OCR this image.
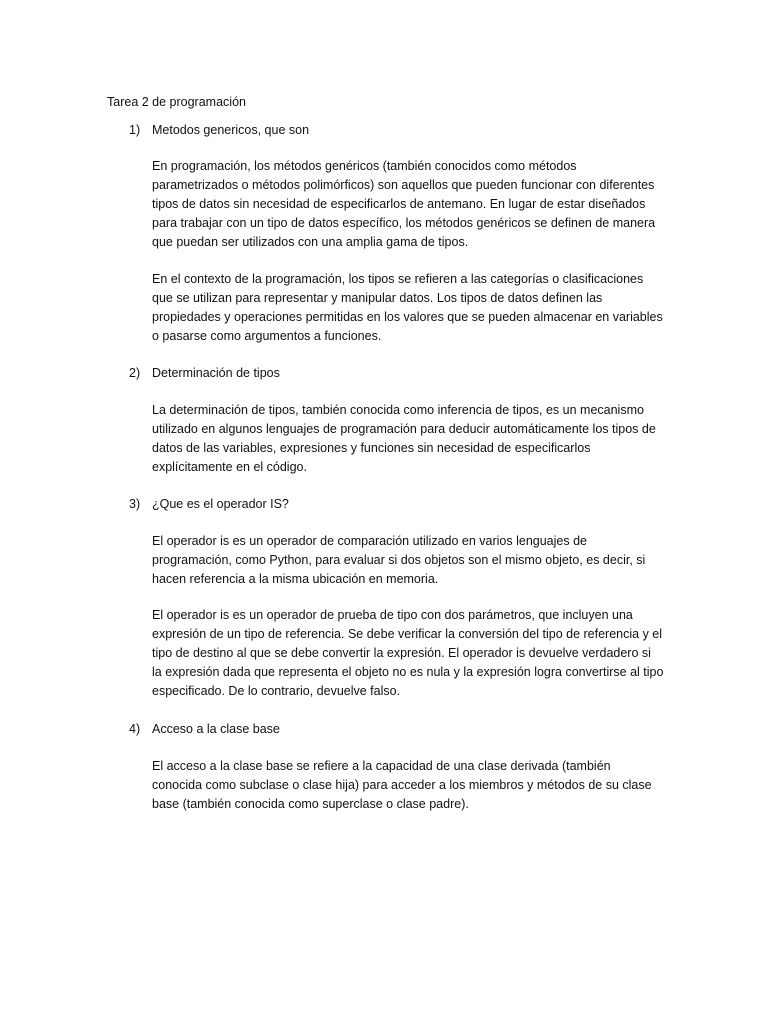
Tarea 2 de programación
1) Metodos genericos, que son

En programación, los métodos genéricos (también conocidos como métodos parametrizados o métodos polimórficos) son aquellos que pueden funcionar con diferentes tipos de datos sin necesidad de especificarlos de antemano. En lugar de estar diseñados para trabajar con un tipo de datos específico, los métodos genéricos se definen de manera que puedan ser utilizados con una amplia gama de tipos.

En el contexto de la programación, los tipos se refieren a las categorías o clasificaciones que se utilizan para representar y manipular datos. Los tipos de datos definen las propiedades y operaciones permitidas en los valores que se pueden almacenar en variables o pasarse como argumentos a funciones.

2) Determinación de tipos

La determinación de tipos, también conocida como inferencia de tipos, es un mecanismo utilizado en algunos lenguajes de programación para deducir automáticamente los tipos de datos de las variables, expresiones y funciones sin necesidad de especificarlos explícitamente en el código.

3) ¿Que es el operador IS?

El operador is es un operador de comparación utilizado en varios lenguajes de programación, como Python, para evaluar si dos objetos son el mismo objeto, es decir, si hacen referencia a la misma ubicación en memoria.

El operador is es un operador de prueba de tipo con dos parámetros, que incluyen una expresión de un tipo de referencia. Se debe verificar la conversión del tipo de referencia y el tipo de destino al que se debe convertir la expresión. El operador is devuelve verdadero si la expresión dada que representa el objeto no es nula y la expresión logra convertirse al tipo especificado. De lo contrario, devuelve falso.

4) Acceso a la clase base

El acceso a la clase base se refiere a la capacidad de una clase derivada (también conocida como subclase o clase hija) para acceder a los miembros y métodos de su clase base (también conocida como superclase o clase padre).
